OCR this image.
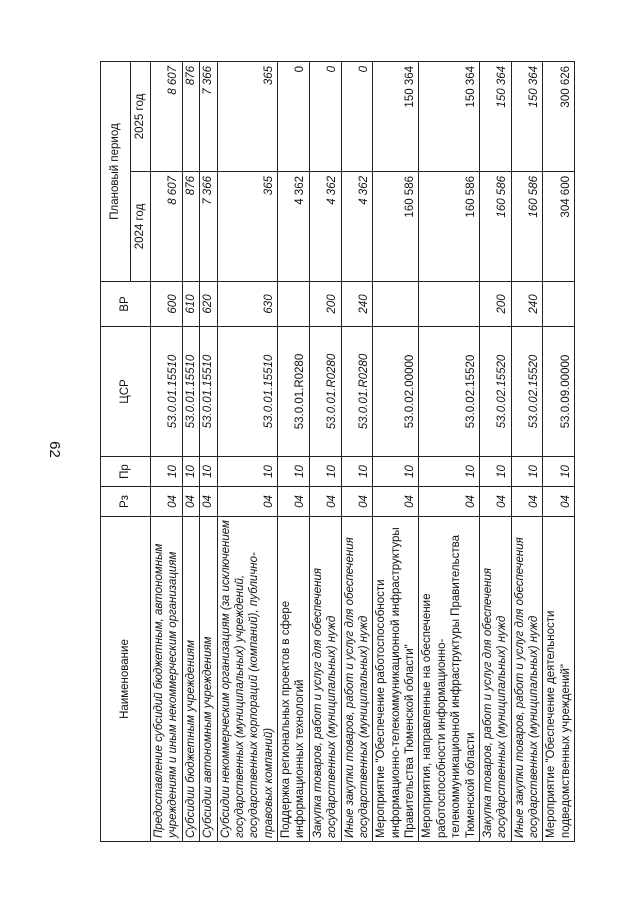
62
Наименование	Рз	Пр	ЦСР	ВР	Плановый период	
					2024 год	2025 год
Предоставление субсидий бюджетным, автономным учреждениям и иным некоммерческим организациям	04	10	53.0.01.15510	600	8 607	8 607
Субсидии бюджетным учреждениям	04	10	53.0.01.15510	610	876	876
Субсидии автономным учреждениям	04	10	53.0.01.15510	620	7 366	7 366
Субсидии некоммерческим организациям (за исключением государственных (муниципальных) учреждений, государственных корпораций (компаний), публично-правовых компаний)	04	10	53.0.01.15510	630	365	365
Поддержка региональных проектов в сфере информационных технологий	04	10	53.0.01.R0280		4 362	0
Закупка товаров, работ и услуг для обеспечения государственных (муниципальных) нужд	04	10	53.0.01.R0280	200	4 362	0
Иные закупки товаров, работ и услуг для обеспечения государственных (муниципальных) нужд	04	10	53.0.01.R0280	240	4 362	0
Мероприятие "Обеспечение работоспособности информационно-телекоммуникационной инфраструктуры Правительства Тюменской области"	04	10	53.0.02.00000		160 586	150 364
Мероприятия, направленные на обеспечение работоспособности информационно-телекоммуникационной инфраструктуры Правительства Тюменской области	04	10	53.0.02.15520		160 586	150 364
Закупка товаров, работ и услуг для обеспечения государственных (муниципальных) нужд	04	10	53.0.02.15520	200	160 586	150 364
Иные закупки товаров, работ и услуг для обеспечения государственных (муниципальных) нужд	04	10	53.0.02.15520	240	160 586	150 364
Мероприятие "Обеспечение деятельности подведомственных учреждений"	04	10	53.0.09.00000		304 600	300 626
